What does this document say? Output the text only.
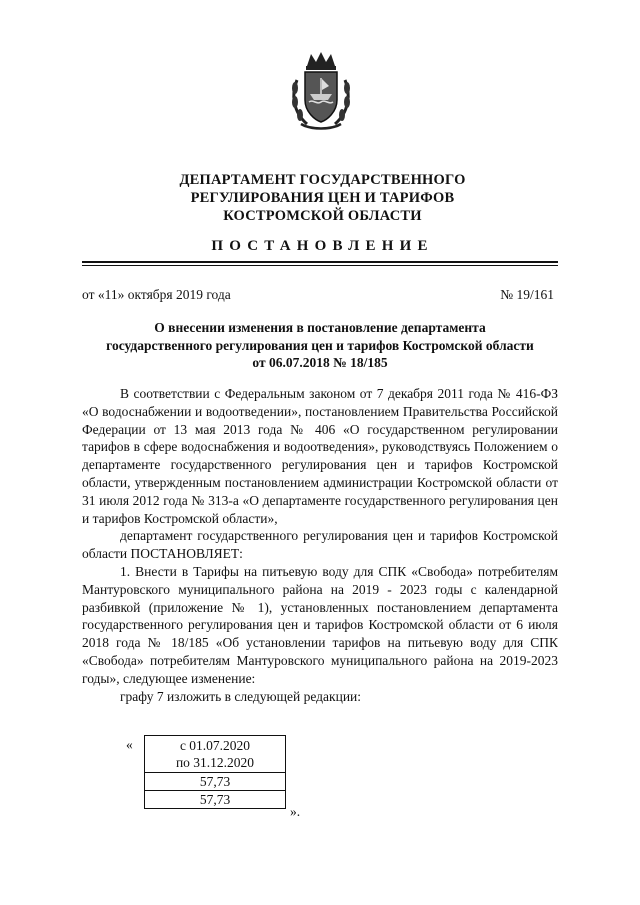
ДЕПАРТАМЕНТ ГОСУДАРСТВЕННОГО
РЕГУЛИРОВАНИЯ ЦЕН И ТАРИФОВ
КОСТРОМСКОЙ ОБЛАСТИ
ПОСТАНОВЛЕНИЕ
от «11» октября 2019 года	№ 19/161
О внесении изменения в постановление департамента
государственного регулирования цен и тарифов Костромской области
от 06.07.2018 № 18/185

В соответствии с Федеральным законом от 7 декабря 2011 года № 416-ФЗ «О водоснабжении и водоотведении», постановлением Правительства Российской Федерации от 13 мая 2013 года № 406 «О государственном регулировании тарифов в сфере водоснабжения и водоотведения», руководствуясь Положением о департаменте государственного регулирования цен и тарифов Костромской области, утвержденным постановлением администрации Костромской области от 31 июля 2012 года № 313-а «О департаменте государственного регулирования цен и тарифов Костромской области»,

департамент государственного регулирования цен и тарифов Костромской области ПОСТАНОВЛЯЕТ:

1. Внести в Тарифы на питьевую воду для СПК «Свобода» потребителям Мантуровского муниципального района на 2019 - 2023 годы с календарной разбивкой (приложение № 1), установленных постановлением департамента государственного регулирования цен и тарифов Костромской области от 6 июля 2018 года № 18/185 «Об установлении тарифов на питьевую воду для СПК «Свобода» потребителям Мантуровского муниципального района на 2019-2023 годы», следующее изменение:

графу 7 изложить в следующей редакции:

«	с 01.07.2020
по 31.12.2020

57,73
57,73
».
